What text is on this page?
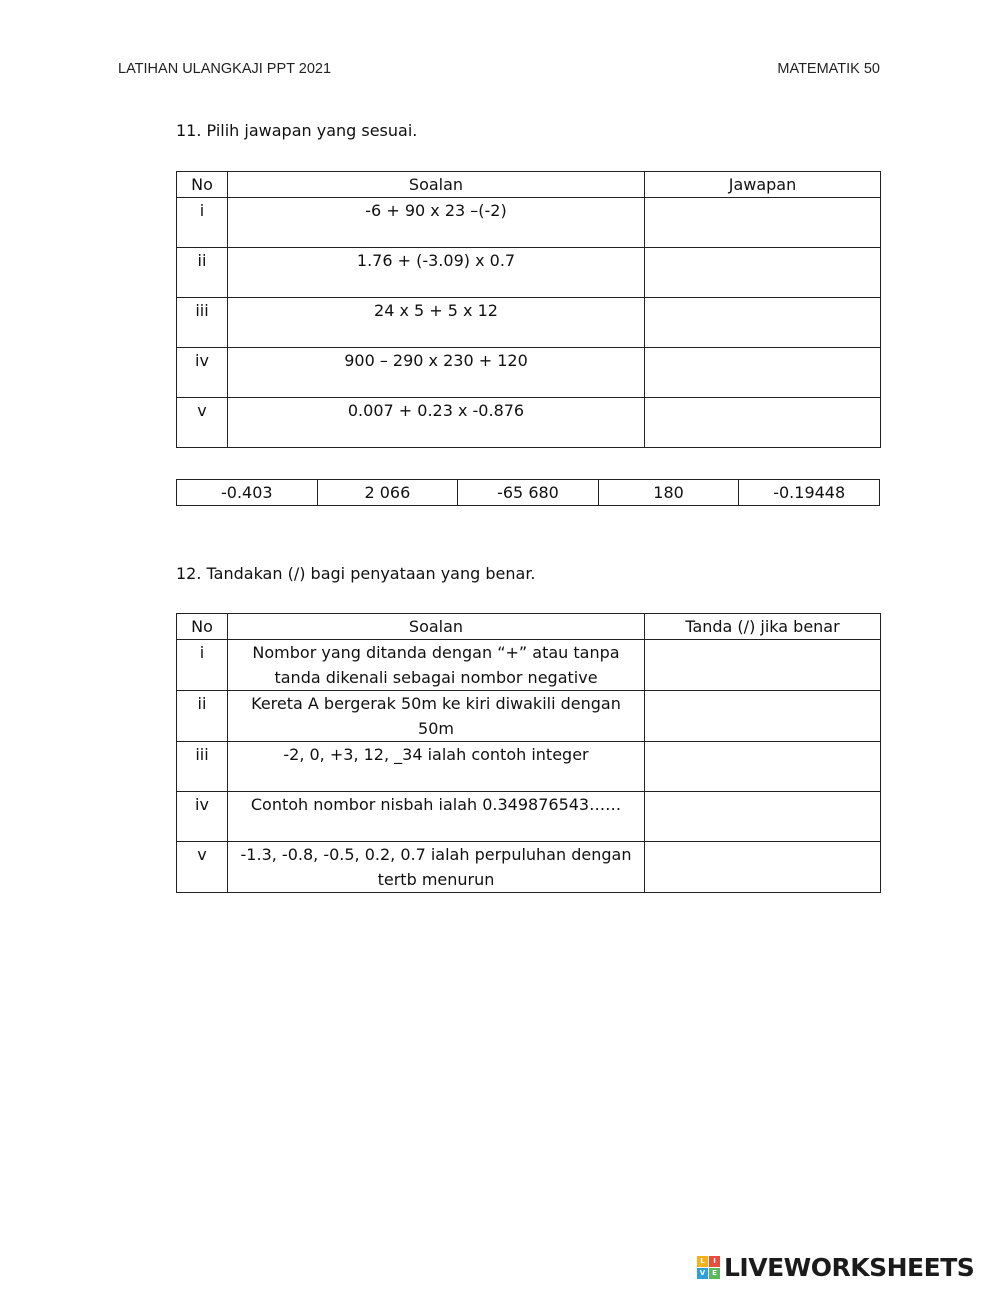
LATIHAN ULANGKAJI PPT 2021	MATEMATIK 50
11. Pilih jawapan yang sesuai.
No	Soalan	Jawapan
i	-6 + 90 x 23 –(-2)	
ii	1.76 + (-3.09) x 0.7	
iii	24 x 5 + 5 x 12	
iv	900 – 290 x 230 + 120	
v	0.007 + 0.23 x -0.876	
-0.403	2 066	-65 680	180	-0.19448
12. Tandakan (/) bagi penyataan yang benar.
No	Soalan	Tanda (/) jika benar
i	Nombor yang ditanda dengan “+” atau tanpa tanda dikenali sebagai nombor negative	
ii	Kereta A bergerak 50m ke kiri diwakili dengan 50m	
iii	-2, 0, +3, 12, _34 ialah contoh integer	
iv	Contoh nombor nisbah ialah 0.349876543……	
v	-1.3, -0.8, -0.5, 0.2, 0.7 ialah perpuluhan dengan tertb menurun	
L	I
V E LIVEWORKSHEETS
